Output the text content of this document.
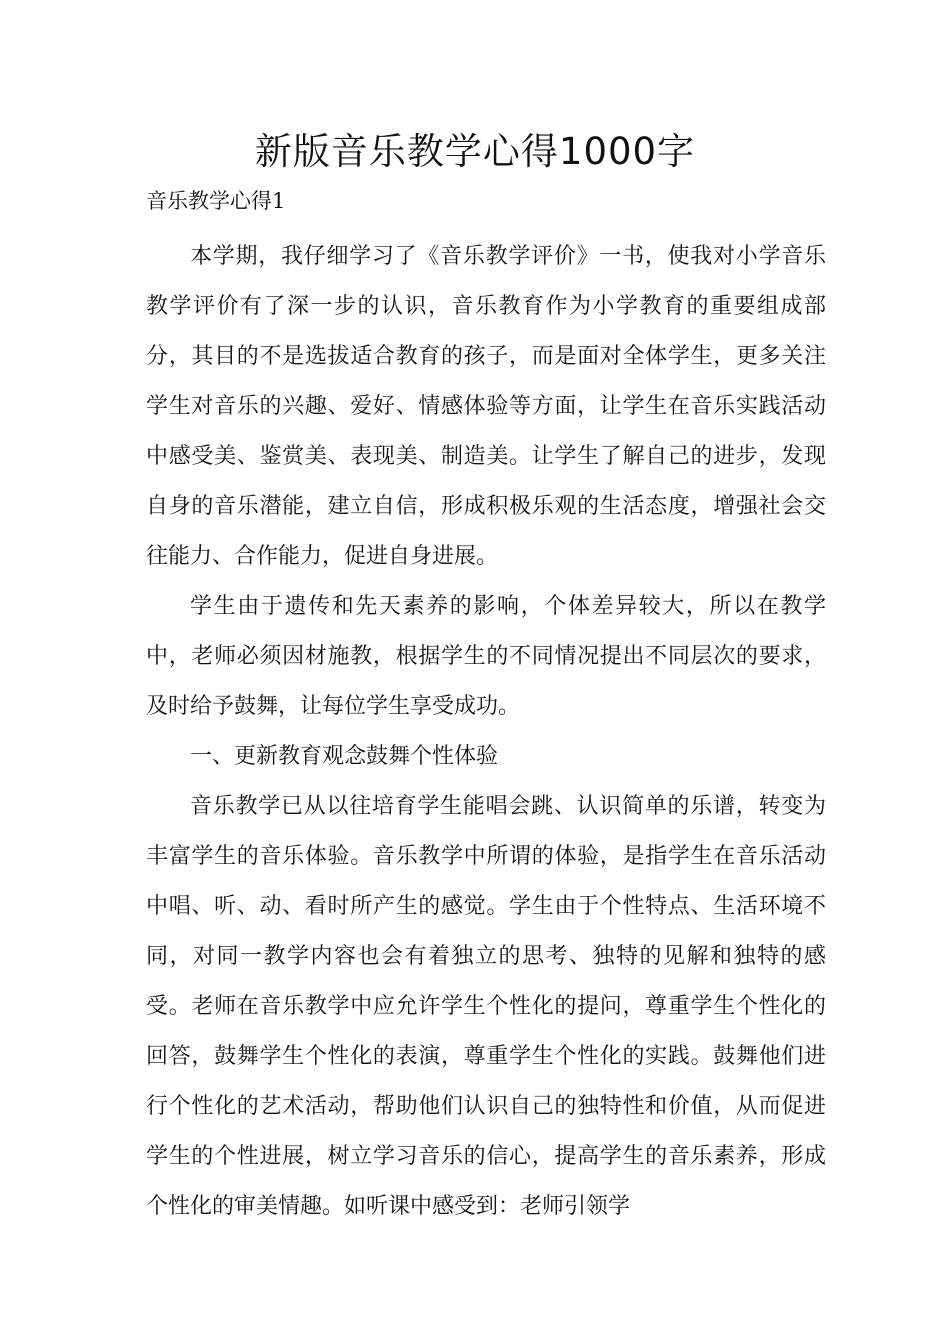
新版音乐教学心得1000字
音乐教学心得1

本学期，我仔细学习了《音乐教学评价》一书，使我对小学音乐教学评价有了深一步的认识，音乐教育作为小学教育的重要组成部分，其目的不是选拔适合教育的孩子，而是面对全体学生，更多关注学生对音乐的兴趣、爱好、情感体验等方面，让学生在音乐实践活动中感受美、鉴赏美、表现美、制造美。让学生了解自己的进步，发现自身的音乐潜能，建立自信，形成积极乐观的生活态度，增强社会交往能力、合作能力，促进自身进展。

学生由于遗传和先天素养的影响，个体差异较大，所以在教学中，老师必须因材施教，根据学生的不同情况提出不同层次的要求，及时给予鼓舞，让每位学生享受成功。

一、更新教育观念鼓舞个性体验

音乐教学已从以往培育学生能唱会跳、认识简单的乐谱，转变为丰富学生的音乐体验。音乐教学中所谓的体验，是指学生在音乐活动中唱、听、动、看时所产生的感觉。学生由于个性特点、生活环境不同，对同一教学内容也会有着独立的思考、独特的见解和独特的感受。老师在音乐教学中应允许学生个性化的提问，尊重学生个性化的回答，鼓舞学生个性化的表演，尊重学生个性化的实践。鼓舞他们进行个性化的艺术活动，帮助他们认识自己的独特性和价值，从而促进学生的个性进展，树立学习音乐的信心，提高学生的音乐素养，形成个性化的审美情趣。如听课中感受到：老师引领学
